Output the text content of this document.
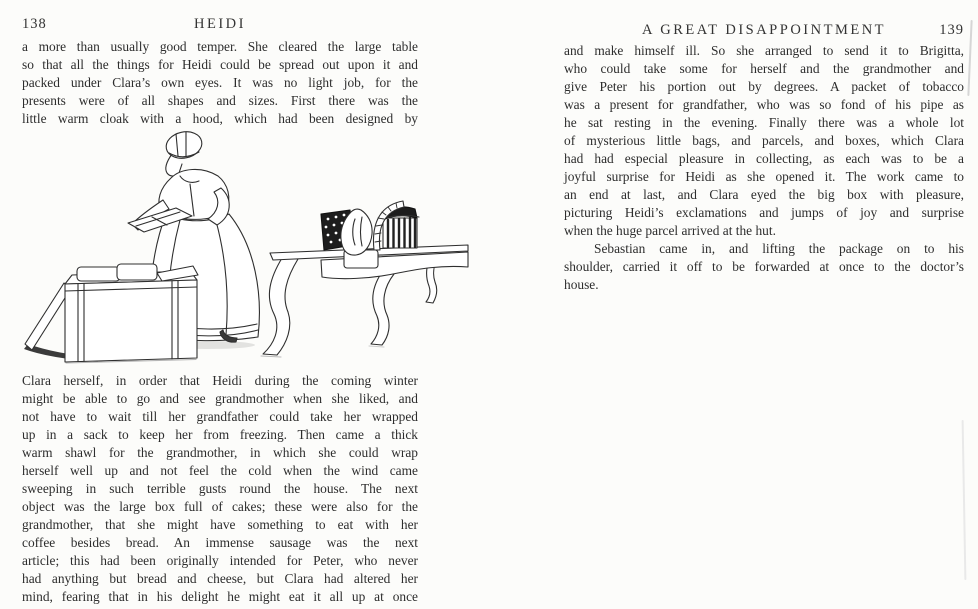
138	HEIDI
a more than usually good temper. She cleared the large table
so that all the things for Heidi could be spread out upon it and
packed under Clara’s own eyes. It was no light job, for the
presents were of all shapes and sizes. First there was the
little warm cloak with a hood, which had been designed by
Clara herself, in order that Heidi during the coming winter
might be able to go and see grandmother when she liked, and
not have to wait till her grandfather could take her wrapped
up in a sack to keep her from freezing. Then came a thick
warm shawl for the grandmother, in which she could wrap
herself well up and not feel the cold when the wind came
sweeping in such terrible gusts round the house. The next
object was the large box full of cakes; these were also for the
grandmother, that she might have something to eat with her
coffee besides bread. An immense sausage was the next
article; this had been originally intended for Peter, who never
had anything but bread and cheese, but Clara had altered her
mind, fearing that in his delight he might eat it all up at once
A GREAT DISAPPOINTMENT	139
and make himself ill. So she arranged to send it to Brigitta,
who could take some for herself and the grandmother and
give Peter his portion out by degrees. A packet of tobacco
was a present for grandfather, who was so fond of his pipe as
he sat resting in the evening. Finally there was a whole lot
of mysterious little bags, and parcels, and boxes, which Clara
had had especial pleasure in collecting, as each was to be a
joyful surprise for Heidi as she opened it. The work came to
an end at last, and Clara eyed the big box with pleasure,
picturing Heidi’s exclamations and jumps of joy and surprise
when the huge parcel arrived at the hut.
Sebastian came in, and lifting the package on to his
shoulder, carried it off to be forwarded at once to the doctor’s
house.
